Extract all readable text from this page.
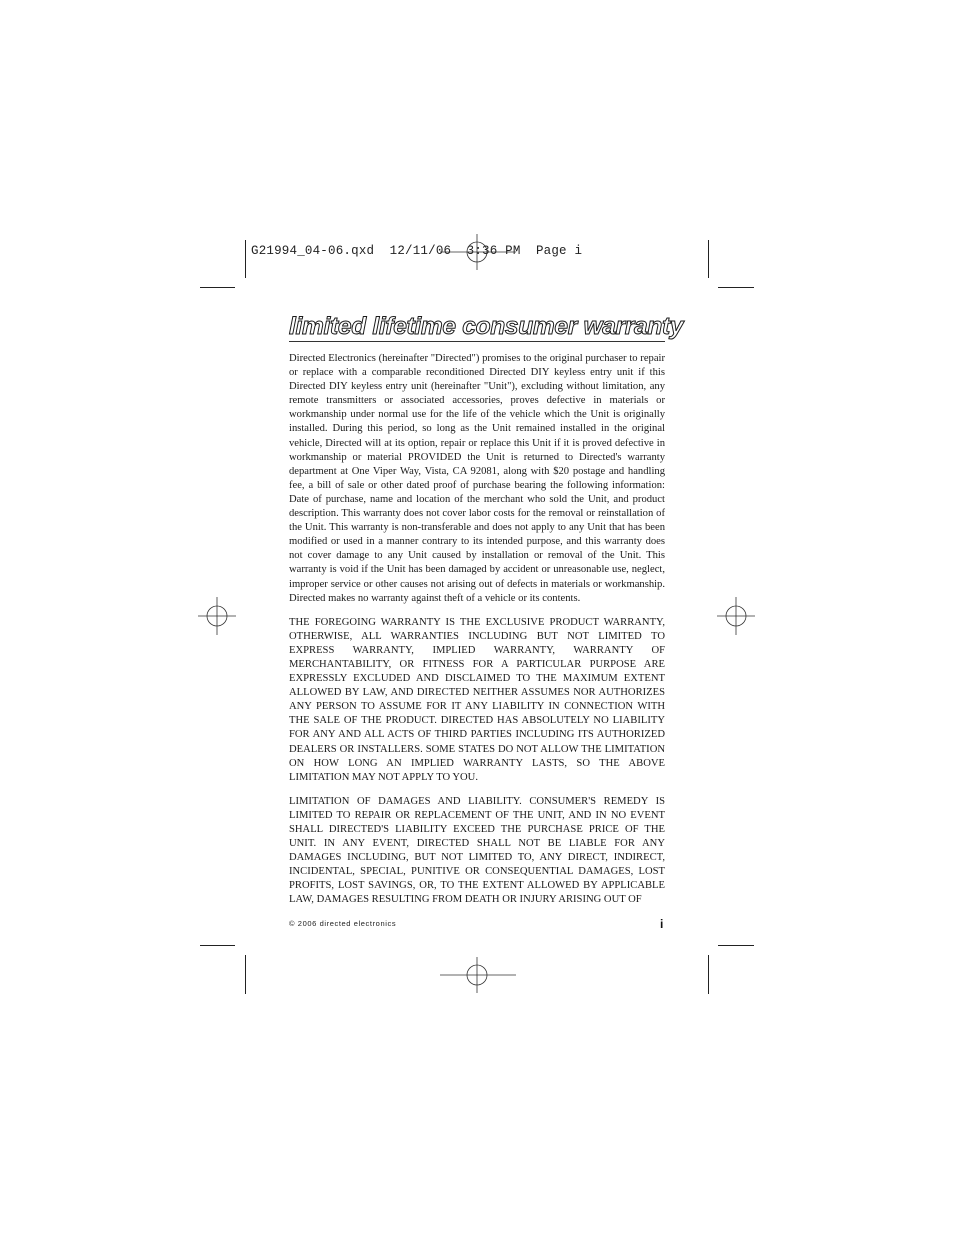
G21994_04-06.qxd  12/11/06  3:36 PM  Page i
limited lifetime consumer warranty

Directed Electronics (hereinafter "Directed") promises to the original purchaser to repair or replace with a comparable reconditioned Directed DIY keyless entry unit if this Directed DIY keyless entry unit (hereinafter "Unit"), excluding without limitation, any remote transmitters or associated accessories, proves defective in materials or workmanship under normal use for the life of the vehicle which the Unit is originally installed. During this period, so long as the Unit remained installed in the original vehicle, Directed will at its option, repair or replace this Unit if it is proved defective in workmanship or material PROVIDED the Unit is returned to Directed's warranty department at One Viper Way, Vista, CA 92081, along with $20 postage and handling fee, a bill of sale or other dated proof of purchase bearing the following information: Date of purchase, name and location of the merchant who sold the Unit, and product description. This warranty does not cover labor costs for the removal or reinstallation of the Unit. This warranty is non-transferable and does not apply to any Unit that has been modified or used in a manner contrary to its intended purpose, and this warranty does not cover damage to any Unit caused by installation or removal of the Unit. This warranty is void if the Unit has been damaged by accident or unreasonable use, neglect, improper service or other causes not arising out of defects in materials or workmanship. Directed makes no warranty against theft of a vehicle or its contents.

THE FOREGOING WARRANTY IS THE EXCLUSIVE PRODUCT WARRANTY, OTHERWISE, ALL WARRANTIES INCLUDING BUT NOT LIMITED TO EXPRESS WARRANTY, IMPLIED WARRANTY, WARRANTY OF MERCHANTABILITY, OR FITNESS FOR A PARTICULAR PURPOSE ARE EXPRESSLY EXCLUDED AND DISCLAIMED TO THE MAXIMUM EXTENT ALLOWED BY LAW, AND DIRECTED NEITHER ASSUMES NOR AUTHORIZES ANY PERSON TO ASSUME FOR IT ANY LIABILITY IN CONNECTION WITH THE SALE OF THE PRODUCT. DIRECTED HAS ABSOLUTELY NO LIABILITY FOR ANY AND ALL ACTS OF THIRD PARTIES INCLUDING ITS AUTHORIZED DEALERS OR INSTALLERS. SOME STATES DO NOT ALLOW THE LIMITATION ON HOW LONG AN IMPLIED WARRANTY LASTS, SO THE ABOVE LIMITATION MAY NOT APPLY TO YOU.

LIMITATION OF DAMAGES AND LIABILITY. CONSUMER'S REMEDY IS LIMITED TO REPAIR OR REPLACEMENT OF THE UNIT, AND IN NO EVENT SHALL DIRECTED'S LIABILITY EXCEED THE PURCHASE PRICE OF THE UNIT. IN ANY EVENT, DIRECTED SHALL NOT BE LIABLE FOR ANY DAMAGES INCLUDING, BUT NOT LIMITED TO, ANY DIRECT, INDIRECT, INCIDENTAL, SPECIAL, PUNITIVE OR CONSEQUENTIAL DAMAGES, LOST PROFITS, LOST SAVINGS, OR, TO THE EXTENT ALLOWED BY APPLICABLE LAW, DAMAGES RESULTING FROM DEATH OR INJURY ARISING OUT OF

© 2006 directed electronics	i
